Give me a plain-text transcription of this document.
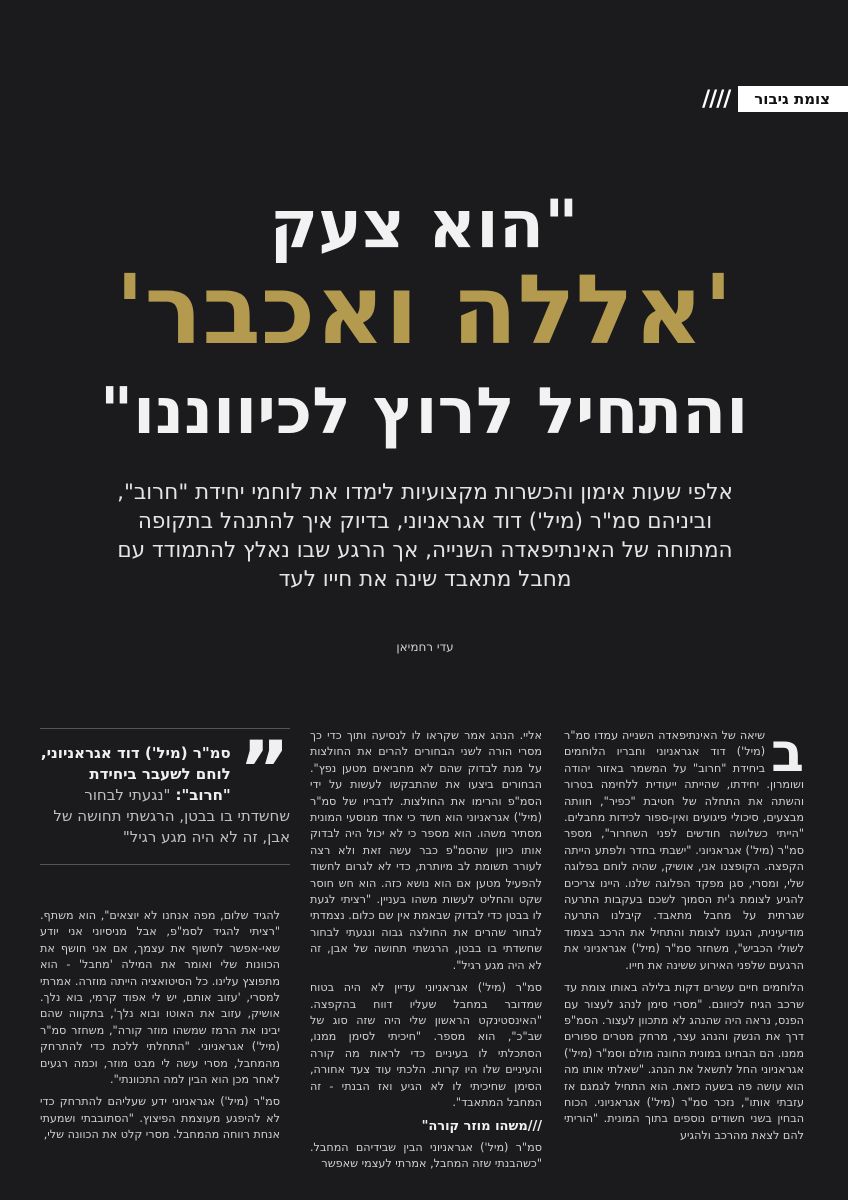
צומת גיבור
////
"הוא צעק
'אללה ואכבר'
והתחיל לרוץ לכיווננו"
אלפי שעות אימון והכשרות מקצועיות לימדו את לוחמי יחידת "חרוב", וביניהם סמ"ר (מיל') דוד אגראניוני, בדיוק איך להתנהל בתקופה המתוחה של האינתיפאדה השנייה, אך הרגע שבו נאלץ להתמודד עם מחבל מתאבד שינה את חייו לעד
עדי רחמיאן
”
סמ"ר (מיל') דוד אגראניוני, לוחם לשעבר ביחידת "חרוב": "נגעתי לבחור שחשדתי בו בבטן, הרגשתי תחושה של אבן, זה לא היה מגע רגיל"
ב

שיאה של האינתיפאדה השנייה עמדו סמ"ר (מיל') דוד אגראניוני וחבריו הלוחמים ביחידת "חרוב" על המשמר באזור יהודה ושומרון. יחידתו, שהייתה ייעודית ללחימה בטרור והשתה את התחלה של חטיבת "כפיר", חוותה מבצעים, סיכולי פיגועים ואין-ספור לכידות מחבלים. "הייתי כשלושה חודשים לפני השחרור", מספר סמ"ר (מיל') אגראניוני. "ישבתי בחדר ולפתע הייתה הקפצה. הקופצנו אני, אושיק, שהיה לוחם בפלוגה שלי, ומסרי, סגן מפקד הפלוגה שלנו. היינו צריכים להגיע לצומת ג'ית הסמוך לשכם בעקבות התרעה שגרתית על מחבל מתאבד. קיבלנו התרעה מודיעינית, הגענו לצומת והתחיל את הרכב בצמוד לשולי הכביש", משחזר סמ"ר (מיל') אגראניוני את הרגעים שלפני האירוע ששינה את חייו.

הלוחמים חיים עשרים דקות בלילה באותו צומת עד שרכב הגיח לכיוונם. "מסרי סימן לנהג לעצור עם הפנס, נראה היה שהנהג לא מתכוון לעצור. הסמ"פ דרך את הנשק והנהג עצר, מרחק מטרים ספורים ממנו. הם הבחינו במונית החונה מולם וסמ"ר (מיל') אגראניוני החל לתשאל את הנהג. "שאלתי אותו מה הוא עושה פה בשעה כזאת. הוא התחיל לגמגם אז עזבתי אותו", נזכר סמ"ר (מיל') אגראניוני. הכוח הבחין בשני חשודים נוספים בתוך המונית. "הוריתי להם לצאת מהרכב ולהגיע

אליי. הנהג אמר שקראו לו לנסיעה ותוך כדי כך מסרי הורה לשני הבחורים להרים את החולצות על מנת לבדוק שהם לא מחביאים מטען נפץ". הבחורים ביצעו את שהתבקשו לעשות על ידי הסמ"פ והרימו את החולצות. לדבריו של סמ"ר (מיל') אגראניוני הוא חשד כי אחד מנוסעי המונית מסתיר משהו. הוא מספר כי לא יכול היה לבדוק אותו כיוון שהסמ"פ כבר עשה זאת ולא רצה לעורר תשומת לב מיותרת, כדי לא לגרום לחשוד להפעיל מטען אם הוא נושא כזה. הוא חש חוסר שקט והחליט לעשות משהו בעניין. "רציתי לגעת לו בבטן כדי לבדוק שבאמת אין שם כלום. נצמדתי לבחור שהרים את החולצה גבוה ונגעתי לבחור שחשדתי בו בבטן, הרגשתי תחושה של אבן, זה לא היה מגע רגיל".

סמ"ר (מיל') אגראניוני עדיין לא היה בטוח שמדובר במחבל שעליו דווח בהקפצה. "האינסטינקט הראשון שלי היה שזה סוג של שב"כ", הוא מספר. "חיכיתי לסימן ממנו, הסתכלתי לו בעיניים כדי לראות מה קורה והעיניים שלו היו קרות. הלכתי עוד צעד אחורה, הסימן שחיכיתי לו לא הגיע ואז הבנתי - זה המחבל המתאבד".

///משהו מוזר קורה"

סמ"ר (מיל') אגראניוני הבין שבידיהם המחבל. "כשהבנתי שזה המחבל, אמרתי לעצמי שאפשר

להגיד שלום, מפה אנחנו לא יוצאים", הוא משתף. "רציתי להגיד לסמ"פ, אבל מניסיוני אני יודע שאי-אפשר לחשוף את עצמך, אם אני חושף את הכוונות שלי ואומר את המילה 'מחבל' - הוא מתפוצץ עלינו. כל הסיטואציה הייתה מוזרה. אמרתי למסרי, 'עזוב אותם, יש לי אפוד קרמי, בוא נלך. אושיק, עזוב את האוטו ובוא נלך', בתקווה שהם יבינו את הרמז שמשהו מוזר קורה", משחזר סמ"ר (מיל') אגראניוני. "התחלתי ללכת כדי להתרחק מהמחבל, מסרי עשה לי מבט מוזר, וכמה רגעים לאחר מכן הוא הבין למה התכוונתי".

סמ"ר (מיל') אגראניוני ידע שעליהם להתרחק כדי לא להיפגע מעוצמת הפיצוץ. "הסתובבתי ושמעתי אנחת רווחה מהמחבל. מסרי קלט את הכוונה שלי,
